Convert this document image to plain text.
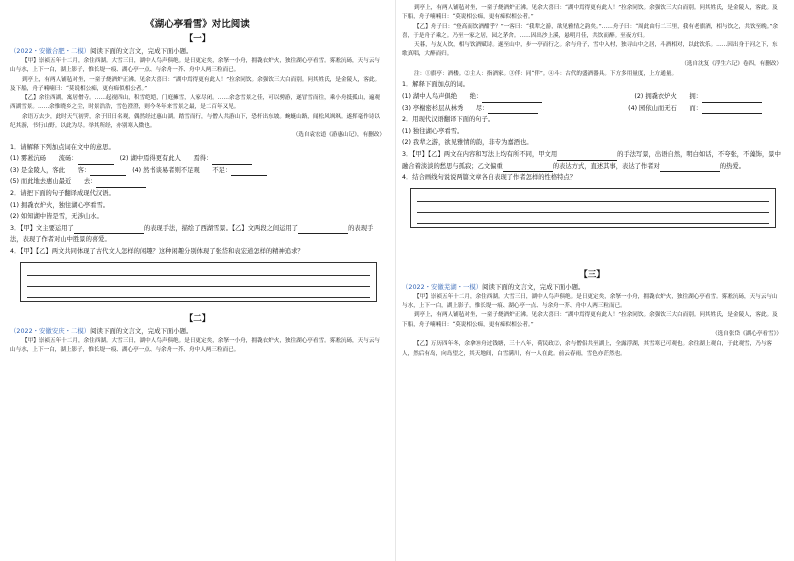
《湖心亭看雪》对比阅读
【一】

（2022・安徽合肥・二模）阅读下面的文言文，完成下面小题。

【甲】崇祯五年十二月，余住西湖。大雪三日，湖中人鸟声俱绝。是日更定矣，余拏一小舟，拥毳衣炉火，独往湖心亭看雪。雾凇沆砀，天与云与山与水，上下一白，湖上影子，惟长堤一痕、湖心亭一点、与余舟一芥、舟中人两三粒而已。

到亭上，有两人铺毡对坐，一童子烧酒炉正沸。见余大喜曰：“湖中焉得更有此人！”拉余同饮。余强饮三大白而别。问其姓氏，是金陵人，客此。及下船，舟子喃喃曰：“莫说相公痴，更有痴似相公者。”

【乙】余往西湖，寓居僧寺。……起视四山，积雪皑皑，门庭擁雪，人家尽闭。……余念雪景之佳，可以骋游，遂冒雪而往，乘小舟抵孤山，遍观西湖雪景。……余惟晓乡之尘，时景浩浩，雪色澄澄，则今冬年来雪景之最，是二百年又见。

余语万去少，此时天气初霁，余于旧日名观，偶然经过惠山湖。踏雪而行，与僧人共游山下，恐杆出东坡。蜿蜒山路，闻松风飒飒。遂挥毫作诗以纪其游，书行山野。以此为尽。举其所经，亦别寒入微也。

（选自袁宏道《游惠山记》，有删改）

1．请解释下列加点词在文中的意思。

(1) 雾凇沆砀　　流砀：	(2) 湖中焉得更有此人　　焉得：

(3) 是金陵人，客此　　客：	(4) 然书谈易者则不足观　　不足：

(5) 而此地去惠山最近　　去：

2．请把下面的句子翻译成现代汉语。

(1) 拥毳衣炉火，独往湖心亭看雪。

(2) 如知湖中皆是雪，无涉山水。

3．【甲】文主要运用了	的表现手法，描绘了西湖雪景。【乙】文两段之间运用了	的表现手法，表现了作者对山中胜景的喜爱。

4．【甲】【乙】两文共同体现了古代文人怎样的闲趣？这种闲趣分别体现了张岱和袁宏道怎样的精神追求？

【二】

（2022・安徽安庆・二模）阅读下面的文言文，完成下面小题。

【甲】崇祯五年十二月，余住西湖。大雪三日，湖中人鸟声俱绝。是日更定矣，余拏一小舟，拥毳衣炉火，独往湖心亭看雪。雾凇沆砀，天与云与山与水，上下一白，湖上影子，惟长堤一痕、湖心亭一点、与余舟一芥、舟中人两三粒而已。

到亭上，有两人铺毡对坐，一童子烧酒炉正沸。见余大喜曰：“湖中焉得更有此人！”拉余同饮。余强饮三大白而别。问其姓氏，是金陵人，客此。及下船，舟子喃喃曰：“莫说相公痴，更有痴似相公者。”

【乙】舟子曰：“登高而饮酒酣乎？”一客曰：“我辈之游，欲见雅情之韵矣。”……舟子曰：“周此由行二三里，我有老旗酒，相与饮之，共饮至晚。”余喜，于是舟子乘之。乃至一家之居，园之茅舍。……因出沙上溪，悬明月佳，共饮而醉。至夜方归。

天暮，与友人饮，相与饮酒赋诗。遂至山中，步一亭而行之。余与舟子，雪中入村，独寻山中之居，斗酒相对，以此饮乐。……因出身于河之下，东歌真唱，大醉而归。

（选自沈复《浮生六记》卷四，有删改）

注：①旗亭：酒楼。②主人：指酒家。③伴：同“伴”。④斗：古代的盛酒器具。下方多用量度，上方通量。

1．解释下面加点的词。

(1) 湖中人鸟声俱绝　　绝：	(2) 拥毳衣炉火　　拥：

(3) 亭榭密杉层从林秀　　尽：	(4) 园依山而无石　　而：

2．用现代汉语翻译下面的句子。

(1) 独往湖心亭看雪。

(2) 我辈之游，欲见雅情的韵，非专为嘉酒也。

3．【甲】【乙】两文在内容和写法上均有所不同，甲文用	的手法写景，出语自然，明白如话，不夸张，不藻饰，景中融合着淡淡的愁思与孤寂；乙文偏重	的表达方式，直述其事，表达了作者对	的热爱。

4．结合画线句说说两篇文章各自表现了作者怎样的性格特点？

【三】

（2022・安徽芜湖・一模）阅读下面的文言文，完成下面小题。

【甲】崇祯五年十二月，余住西湖。大雪三日，湖中人鸟声俱绝。是日更定矣，余拏一小舟，拥毳衣炉火，独往湖心亭看雪。雾凇沆砀，天与云与山与水，上下一白，湖上影子，惟长堤一痕、湖心亭一点、与余舟一芥、舟中人两三粒而已。

到亭上，有两人铺毡对坐，一童子烧酒炉正沸。见余大喜曰：“湖中焉得更有此人！”拉余同饮。余强饮三大白而别。问其姓氏，是金陵人，客此。及下船，舟子喃喃曰：“莫说相公痴，更有痴似相公者。”

（选自张岱《湖心亭看雪》）

【乙】万历四年冬，余拿⑩舟过钱塘，三十八年，荷民政②，余与僧侣共至湖上，全露浮湖，其雪寒已可观也。余往湖上观白，于此观雪，乃与客人，然后有岛，向岛望之，其天地间，白雪满川，有一人在此。前云春雨，雪色亦茫然也。
